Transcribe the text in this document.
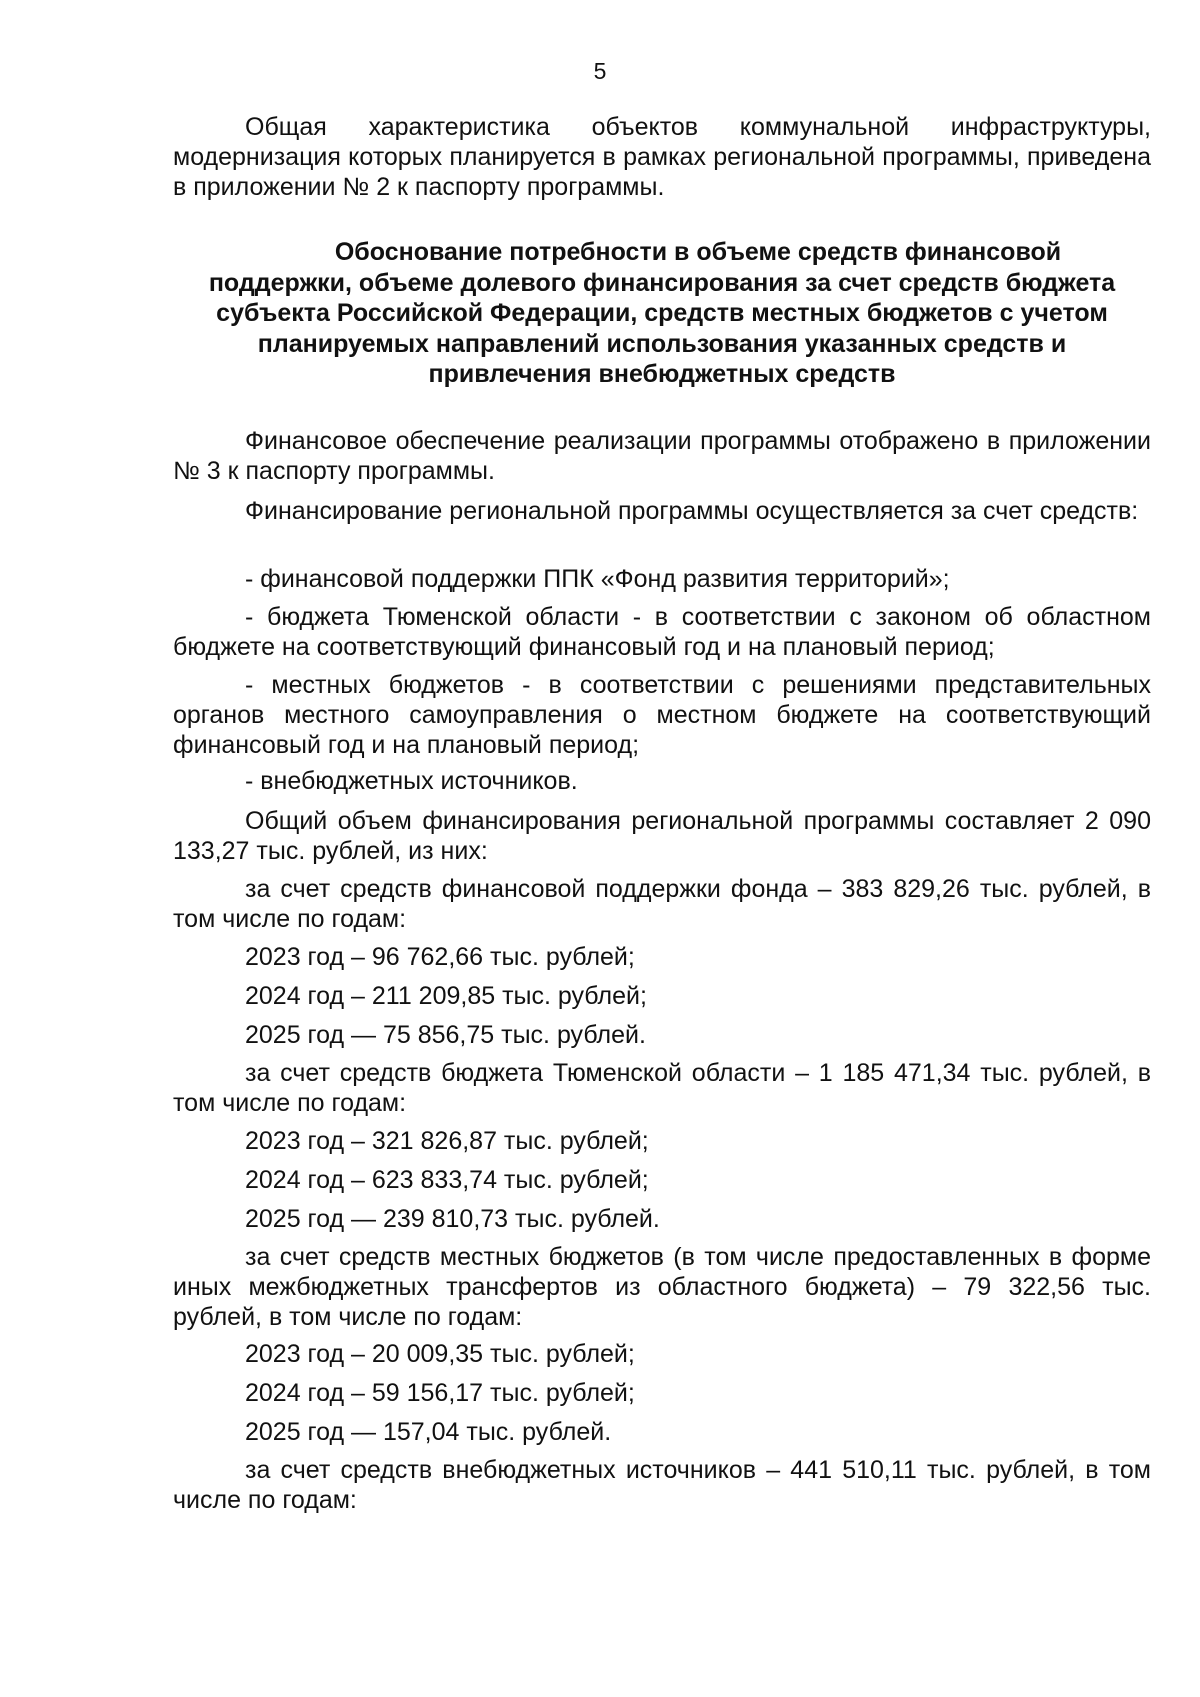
5

Общая характеристика объектов коммунальной инфраструктуры, модернизация которых планируется в рамках региональной программы, приведена в приложении № 2 к паспорту программы.

Обоснование потребности в объеме средств финансовой
поддержки, объеме долевого финансирования за счет средств бюджета
субъекта Российской Федерации, средств местных бюджетов с учетом
планируемых направлений использования указанных средств и
привлечения внебюджетных средств

Финансовое обеспечение реализации программы отображено в приложении № 3 к паспорту программы.

Финансирование региональной программы осуществляется за счет средств:

- финансовой поддержки ППК «Фонд развития территорий»;

- бюджета Тюменской области - в соответствии с законом об областном бюджете на соответствующий финансовый год и на плановый период;

- местных бюджетов - в соответствии с решениями представительных органов местного самоуправления о местном бюджете на соответствующий финансовый год и на плановый период;

- внебюджетных источников.

Общий объем финансирования региональной программы составляет 2 090 133,27 тыс. рублей, из них:

за счет средств финансовой поддержки фонда – 383 829,26 тыс. рублей, в том числе по годам:

2023 год – 96 762,66 тыс. рублей;
2024 год – 211 209,85 тыс. рублей;
2025 год — 75 856,75 тыс. рублей.

за счет средств бюджета Тюменской области – 1 185 471,34 тыс. рублей, в том числе по годам:

2023 год – 321 826,87 тыс. рублей;
2024 год – 623 833,74 тыс. рублей;
2025 год — 239 810,73 тыс. рублей.

за счет средств местных бюджетов (в том числе предоставленных в форме иных межбюджетных трансфертов из областного бюджета) – 79 322,56 тыс. рублей, в том числе по годам:

2023 год – 20 009,35 тыс. рублей;
2024 год – 59 156,17 тыс. рублей;
2025 год — 157,04 тыс. рублей.

за счет средств внебюджетных источников – 441 510,11 тыс. рублей, в том числе по годам:
